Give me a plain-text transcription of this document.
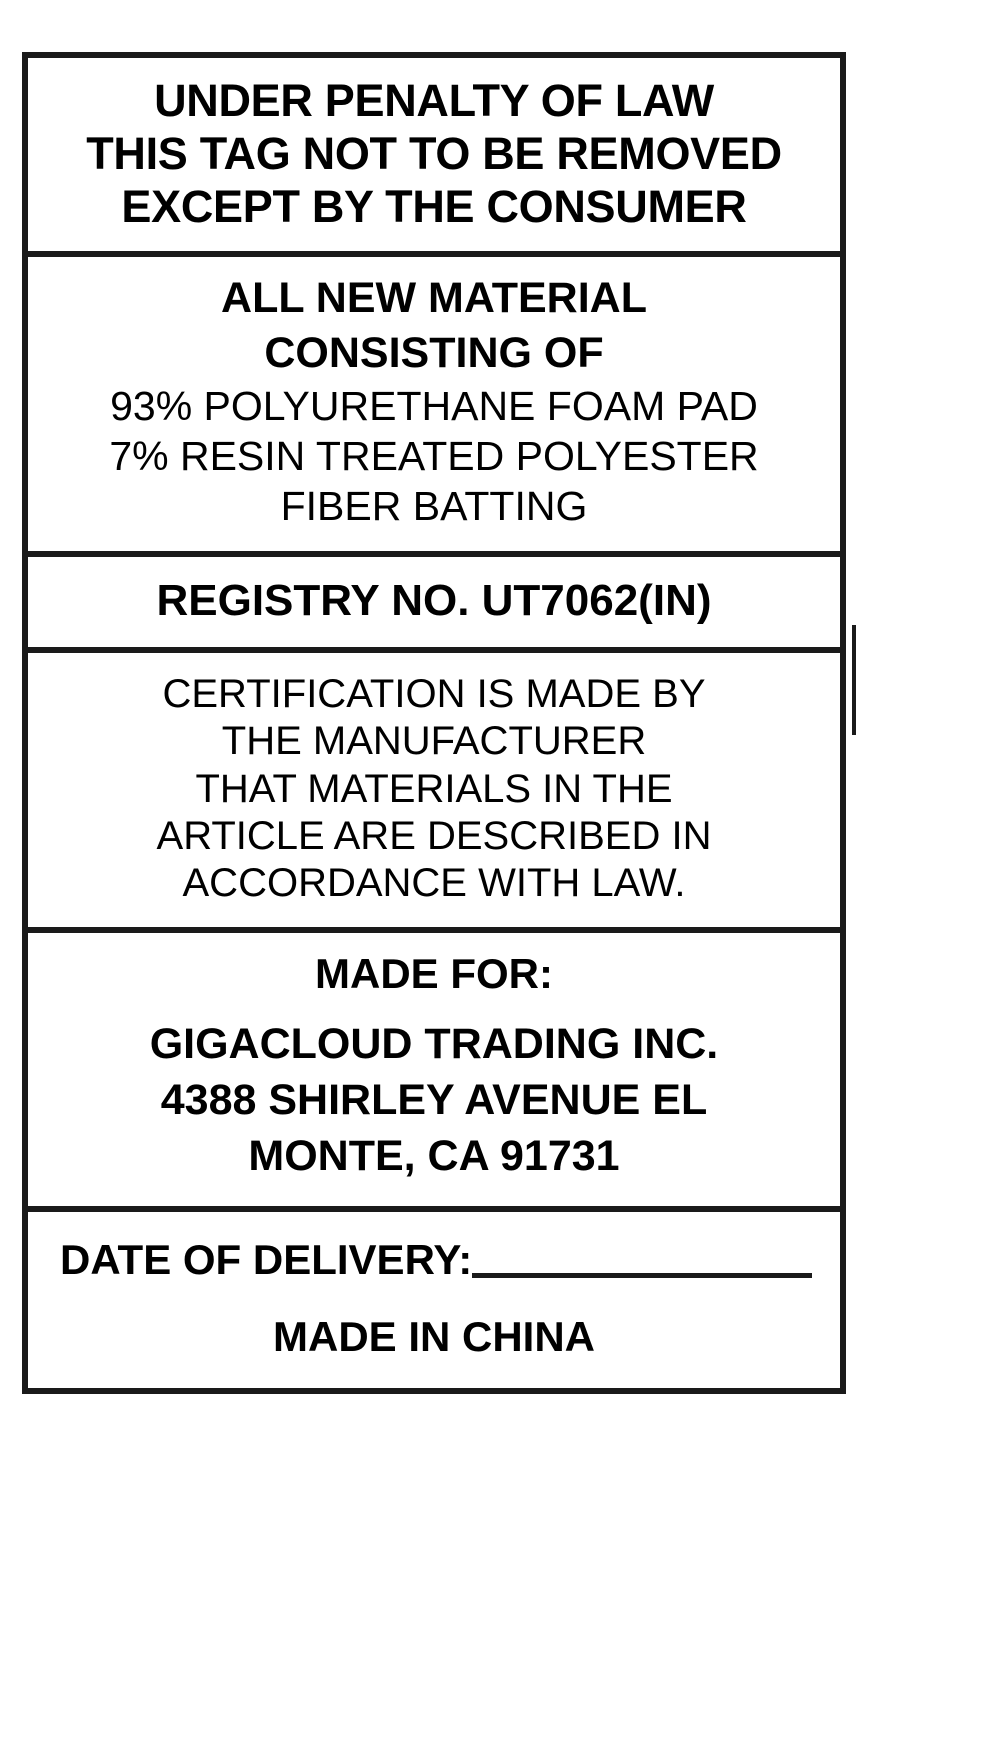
UNDER PENALTY OF LAW
THIS TAG NOT TO BE REMOVED
EXCEPT BY THE CONSUMER
ALL NEW MATERIAL
CONSISTING OF
93% POLYURETHANE FOAM PAD
7% RESIN TREATED POLYESTER
FIBER BATTING
REGISTRY NO. UT7062(IN)
CERTIFICATION IS MADE BY
THE MANUFACTURER
THAT MATERIALS IN THE
ARTICLE ARE DESCRIBED IN
ACCORDANCE WITH LAW.
MADE FOR:
GIGACLOUD TRADING INC.
4388 SHIRLEY AVENUE EL
MONTE, CA 91731
DATE OF DELIVERY:
MADE IN CHINA
